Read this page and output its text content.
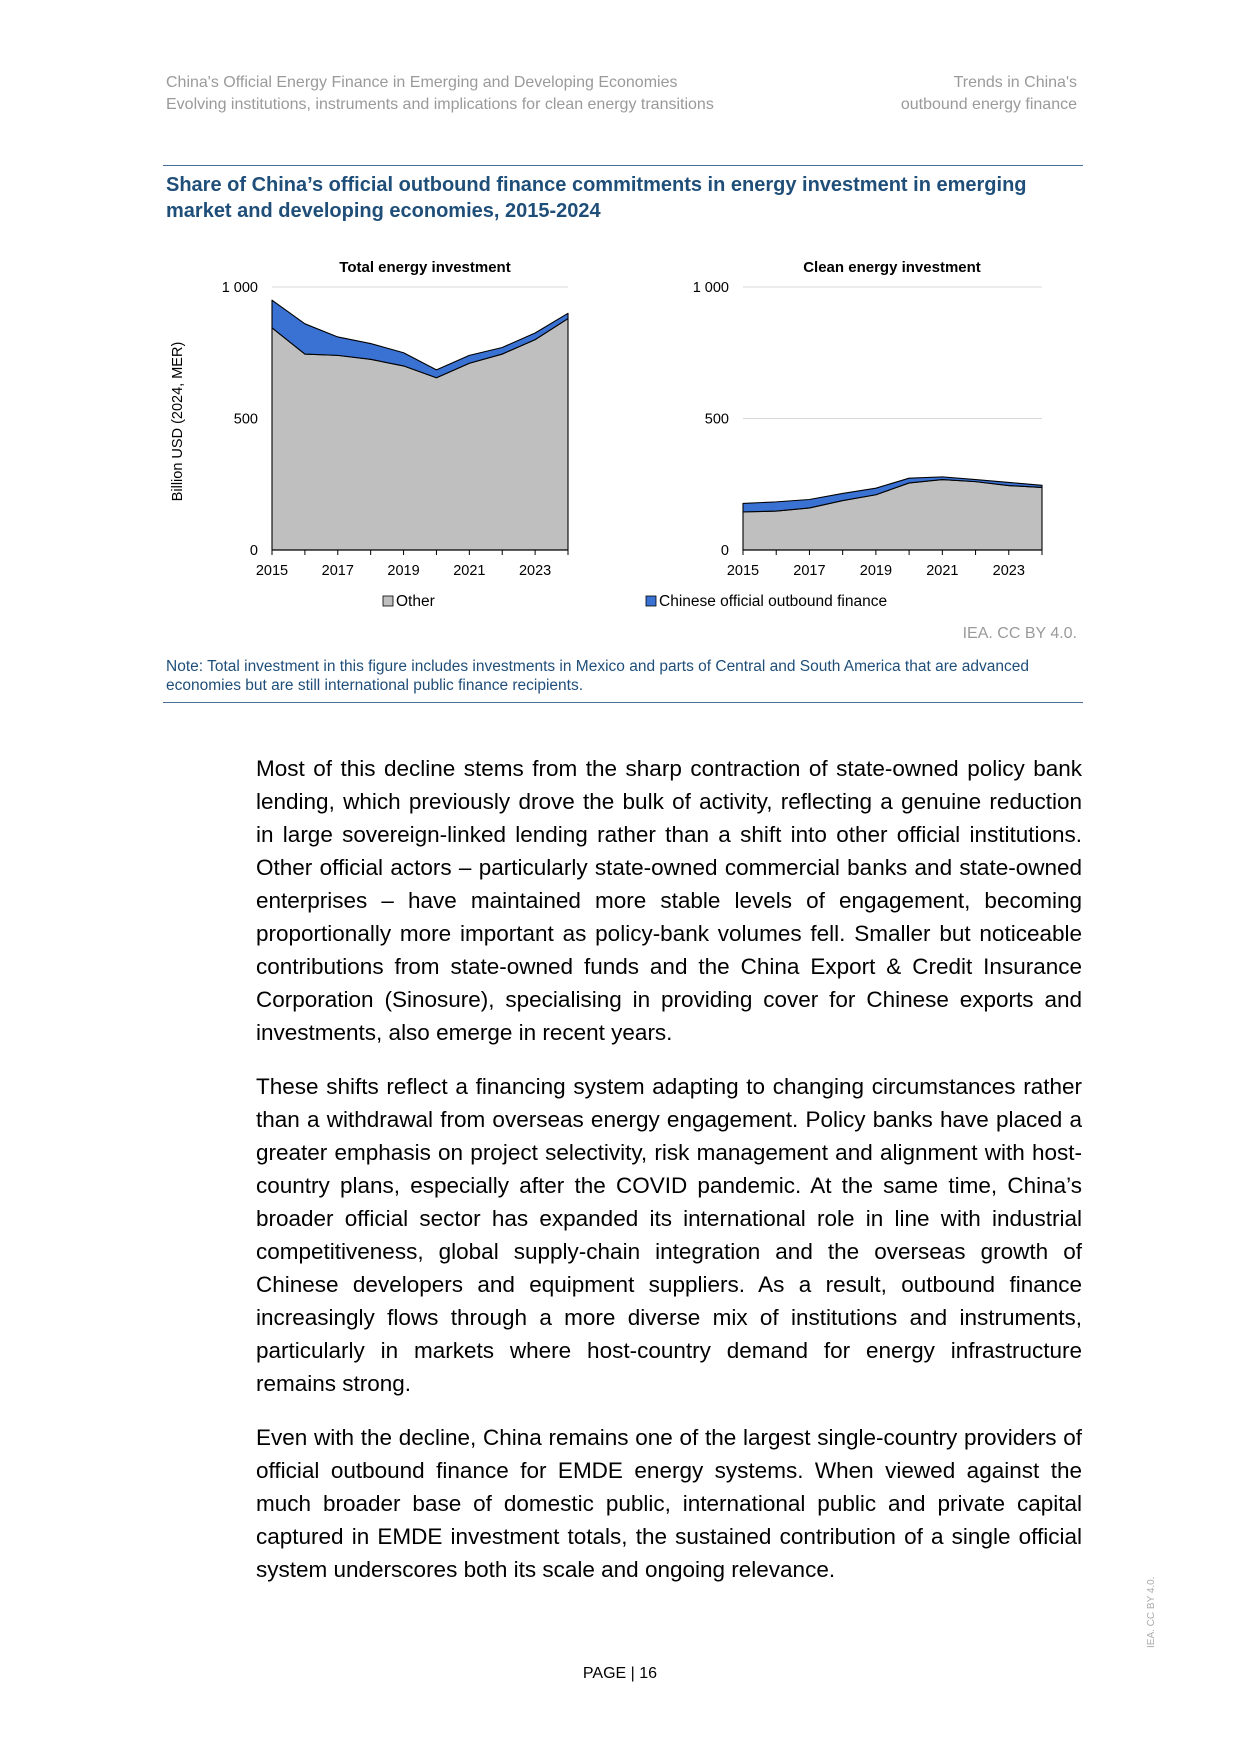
China's Official Energy Finance in Emerging and Developing Economies
Evolving institutions, instruments and implications for clean energy transitions
Trends in China's
outbound energy finance
Share of China’s official outbound finance commitments in energy investment in emerging market and developing economies, 2015-2024
Total energy investment
0
500
1 000
2015 2017 2019 2021 2023
Billion USD (2024, MER)
Clean energy investment
0
500
1 000
2015 2017 2019 2021 2023
Other	Chinese official outbound finance
IEA. CC BY 4.0.
Note: Total investment in this figure includes investments in Mexico and parts of Central and South America that are advanced economies but are still international public finance recipients.

Most of this decline stems from the sharp contraction of state-owned policy bank lending, which previously drove the bulk of activity, reflecting a genuine reduction in large sovereign-linked lending rather than a shift into other official institutions. Other official actors – particularly state-owned commercial banks and state-owned enterprises – have maintained more stable levels of engagement, becoming proportionally more important as policy-bank volumes fell. Smaller but noticeable contributions from state-owned funds and the China Export & Credit Insurance Corporation (Sinosure), specialising in providing cover for Chinese exports and investments, also emerge in recent years.

These shifts reflect a financing system adapting to changing circumstances rather than a withdrawal from overseas energy engagement. Policy banks have placed a greater emphasis on project selectivity, risk management and alignment with host-country plans, especially after the COVID pandemic. At the same time, China’s broader official sector has expanded its international role in line with industrial competitiveness, global supply-chain integration and the overseas growth of Chinese developers and equipment suppliers. As a result, outbound finance increasingly flows through a more diverse mix of institutions and instruments, particularly in markets where host-country demand for energy infrastructure remains strong.

Even with the decline, China remains one of the largest single-country providers of official outbound finance for EMDE energy systems. When viewed against the much broader base of domestic public, international public and private capital captured in EMDE investment totals, the sustained contribution of a single official system underscores both its scale and ongoing relevance.

PAGE | 16
IEA. CC BY 4.0.
